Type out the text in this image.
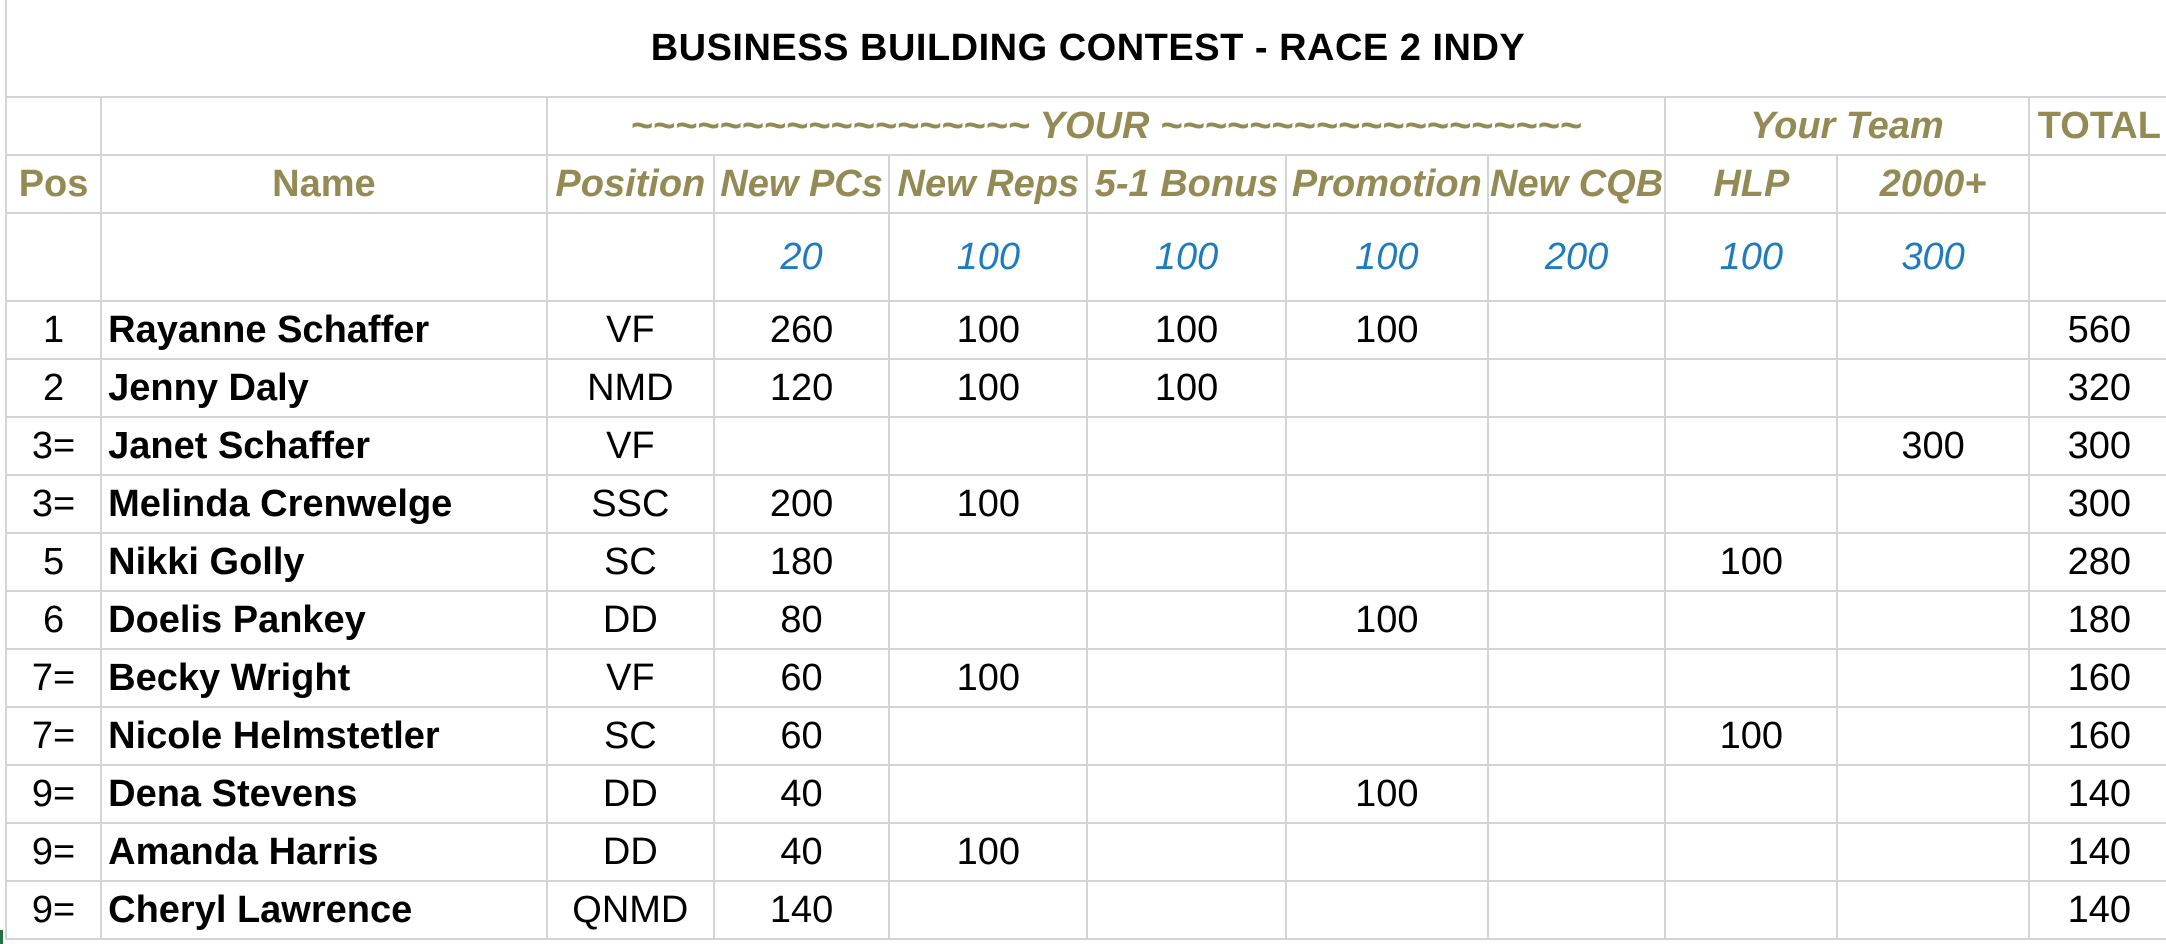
BUSINESS BUILDING CONTEST - RACE 2 INDY										
		~~~~~~~~~~~~~~~~~~ YOUR ~~~~~~~~~~~~~~~~~~~						Your Team		TOTAL
Pos	Name	Position	New PCs	New Reps	5-1 Bonus	Promotion	New CQB	HLP	2000+	
			20	100	100	100	200	100	300	
1	Rayanne Schaffer	VF	260	100	100	100				560
2	Jenny Daly	NMD	120	100	100					320
3=	Janet Schaffer	VF							300	300
3=	Melinda Crenwelge	SSC	200	100						300
5	Nikki Golly	SC	180					100		280
6	Doelis Pankey	DD	80			100				180
7=	Becky Wright	VF	60	100						160
7=	Nicole Helmstetler	SC	60					100		160
9=	Dena Stevens	DD	40			100				140
9=	Amanda Harris	DD	40	100						140
9=	Cheryl Lawrence	QNMD	140							140
